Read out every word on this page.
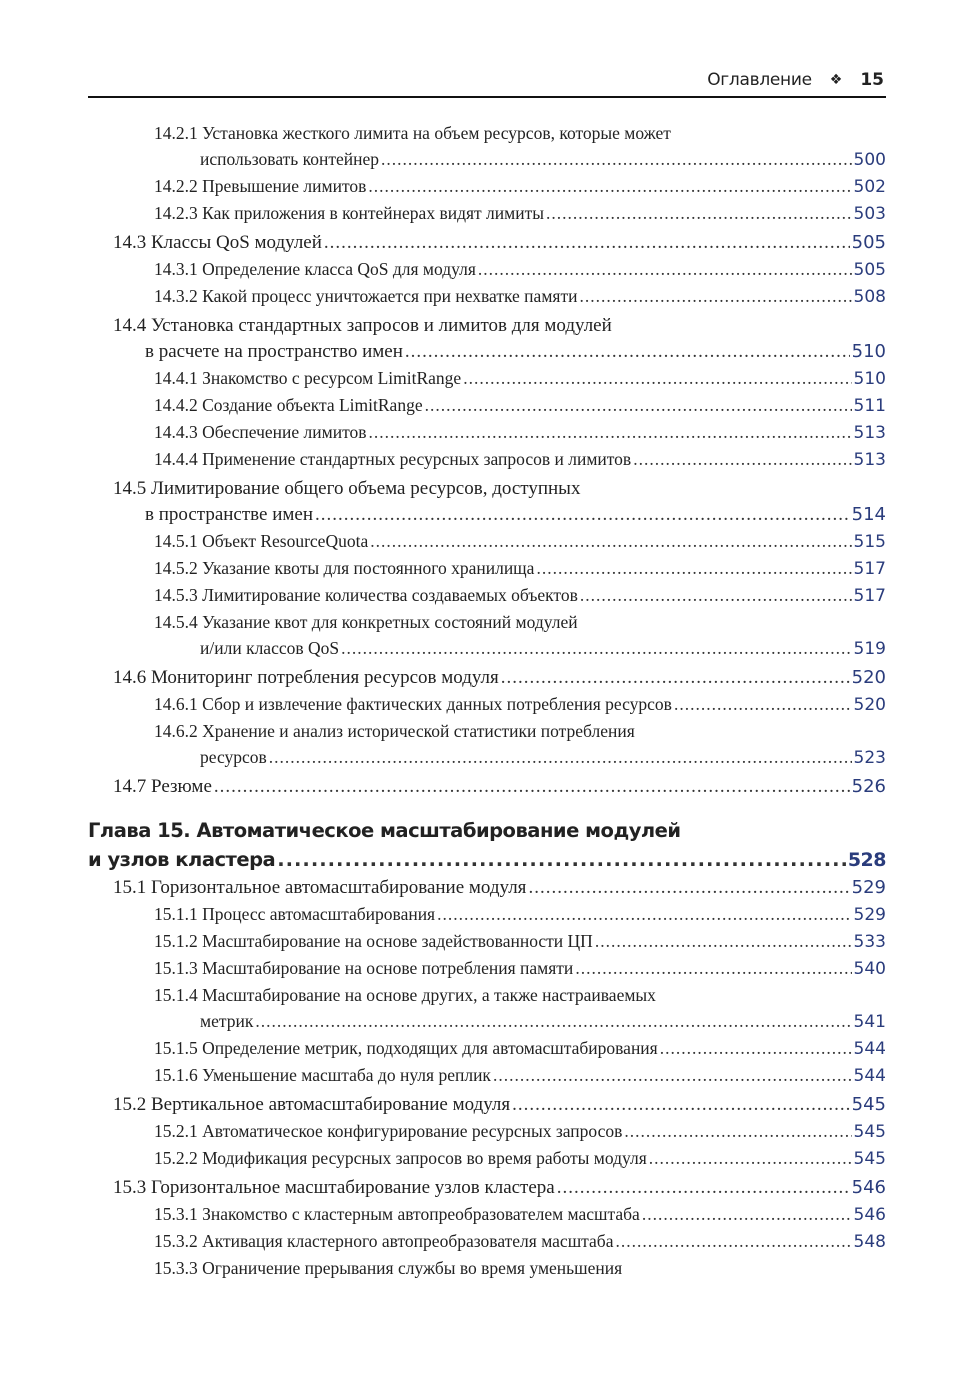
Оглавление ❖ 15
14.2.1 Установка жесткого лимита на объем ресурсов, которые может
использовать контейнер .....	500
14.2.2 Превышение лимитов .....	502
14.2.3 Как приложения в контейнерах видят лимиты .....	503
14.3 Классы QoS модулей .....	505
14.3.1 Определение класса QoS для модуля .....	505
14.3.2 Какой процесс уничтожается при нехватке памяти .....	508
14.4 Установка стандартных запросов и лимитов для модулей
в расчете на пространство имен .....	510
14.4.1 Знакомство с ресурсом LimitRange .....	510
14.4.2 Создание объекта LimitRange .....	511
14.4.3 Обеспечение лимитов .....	513
14.4.4 Применение стандартных ресурсных запросов и лимитов .....	513
14.5 Лимитирование общего объема ресурсов, доступных
в пространстве имен .....	514
14.5.1 Объект ResourceQuota .....	515
14.5.2 Указание квоты для постоянного хранилища .....	517
14.5.3 Лимитирование количества создаваемых объектов .....	517
14.5.4 Указание квот для конкретных состояний модулей
и/или классов QoS .....	519
14.6 Мониторинг потребления ресурсов модуля .....	520
14.6.1 Сбор и извлечение фактических данных потребления ресурсов .....	520
14.6.2 Хранение и анализ исторической статистики потребления
ресурсов .....	523
14.7 Резюме .....	526
Глава 15. Автоматическое масштабирование модулей
и узлов кластера .....	528
15.1 Горизонтальное автомасштабирование модуля .....	529
15.1.1 Процесс автомасштабирования .....	529
15.1.2 Масштабирование на основе задействованности ЦП .....	533
15.1.3 Масштабирование на основе потребления памяти .....	540
15.1.4 Масштабирование на основе других, а также настраиваемых
метрик .....	541
15.1.5 Определение метрик, подходящих для автомасштабирования .....	544
15.1.6 Уменьшение масштаба до нуля реплик .....	544
15.2 Вертикальное автомасштабирование модуля .....	545
15.2.1 Автоматическое конфигурирование ресурсных запросов .....	545
15.2.2 Модификация ресурсных запросов во время работы модуля .....	545
15.3 Горизонтальное масштабирование узлов кластера .....	546
15.3.1 Знакомство с кластерным автопреобразователем масштаба .....	546
15.3.2 Активация кластерного автопреобразователя масштаба .....	548
15.3.3 Ограничение прерывания службы во время уменьшения
